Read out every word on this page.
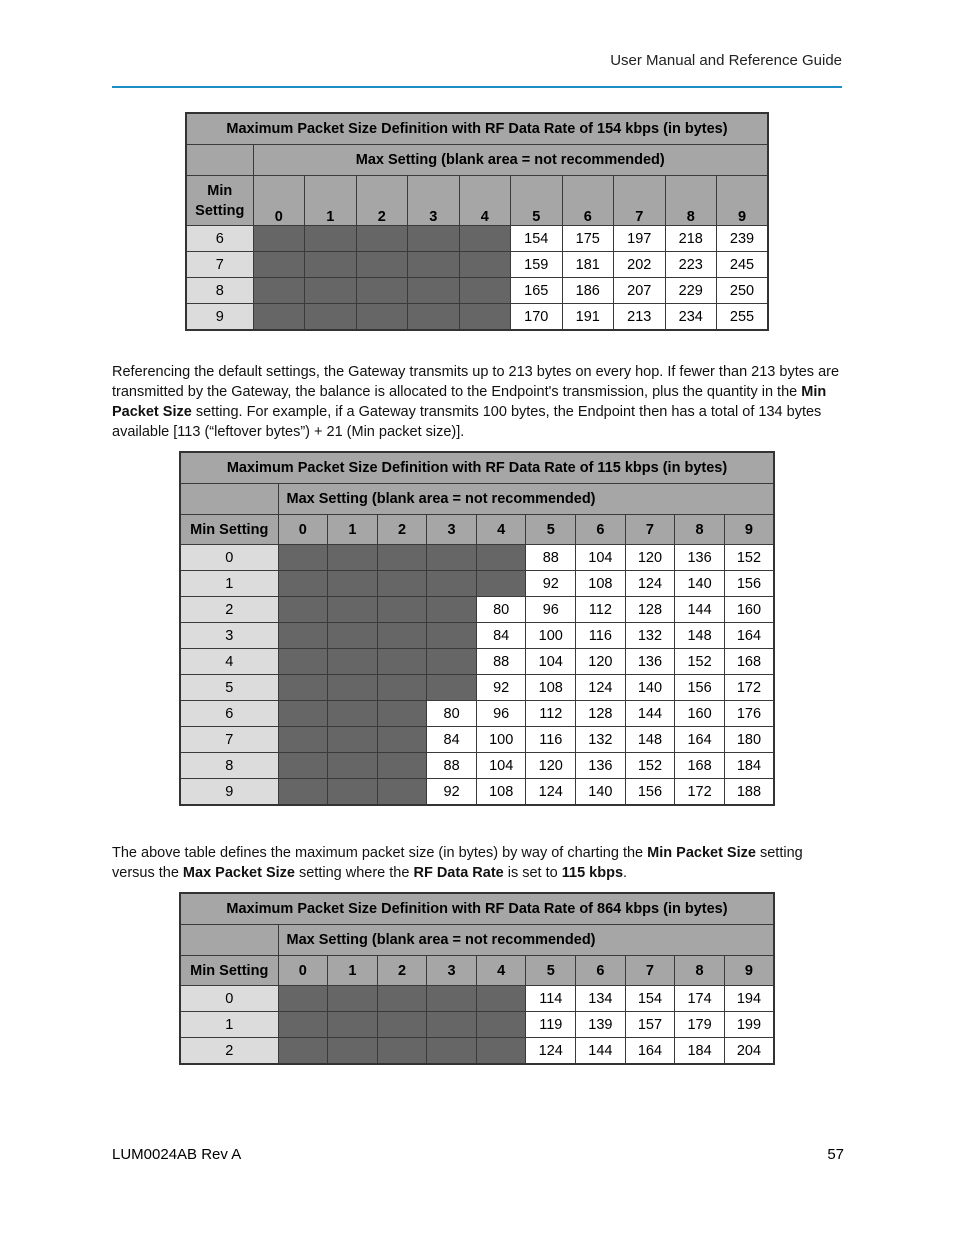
User Manual and Reference Guide
Maximum Packet Size Definition with RF Data Rate of 154 kbps (in bytes)										
	Max Setting (blank area = not recommended)									
Min
Setting	0	1	2	3	4	5	6	7	8	9
6						154	175	197	218	239
7						159	181	202	223	245
8						165	186	207	229	250
9						170	191	213	234	255
Referencing the default settings, the Gateway transmits up to 213 bytes on every hop. If fewer than 213 bytes are transmitted by the Gateway, the balance is allocated to the Endpoint's transmission, plus the quantity in the Min Packet Size setting. For example, if a Gateway transmits 100 bytes, the Endpoint then has a total of 134 bytes available [113 (“leftover bytes”) + 21 (Min packet size)].
Maximum Packet Size Definition with RF Data Rate of 115 kbps (in bytes)										
	Max Setting (blank area = not recommended)									
Min Setting	0	1	2	3	4	5	6	7	8	9
0						88	104	120	136	152
1						92	108	124	140	156
2					80	96	112	128	144	160
3					84	100	116	132	148	164
4					88	104	120	136	152	168
5					92	108	124	140	156	172
6				80	96	112	128	144	160	176
7				84	100	116	132	148	164	180
8				88	104	120	136	152	168	184
9				92	108	124	140	156	172	188
The above table defines the maximum packet size (in bytes) by way of charting the Min Packet Size setting versus the Max Packet Size setting where the RF Data Rate is set to 115 kbps.
Maximum Packet Size Definition with RF Data Rate of 864 kbps (in bytes)										
	Max Setting (blank area = not recommended)									
Min Setting	0	1	2	3	4	5	6	7	8	9
0						114	134	154	174	194
1						119	139	157	179	199
2						124	144	164	184	204
LUM0024AB Rev A	57
